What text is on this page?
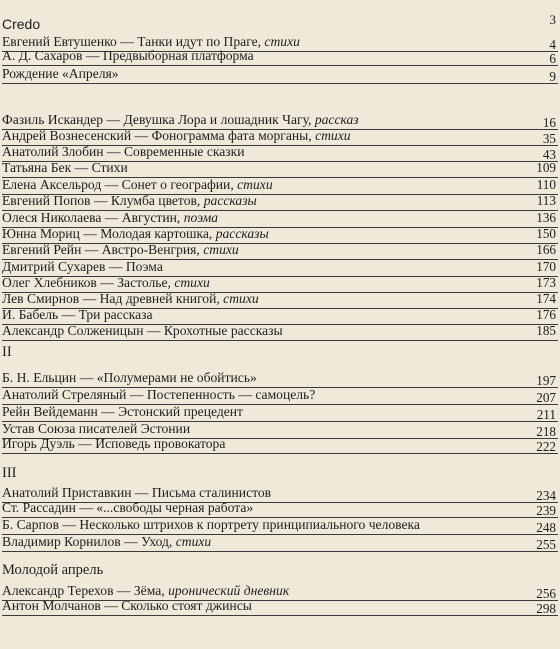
Credo	3
Евгений Евтушенко — Танки идут по Праге, стихи	4
А. Д. Сахаров — Предвыборная платформа	6
Рождение «Апреля»	9
Фазиль Искандер — Девушка Лора и лошадник Чагу, рассказ	16
Андрей Вознесенский — Фонограмма фата морганы, стихи	35
Анатолий Злобин — Современные сказки	43
Татьяна Бек — Стихи	109
Елена Аксельрод — Сонет о географии, стихи	110
Евгений Попов — Клумба цветов, рассказы	113
Олеся Николаева — Августин, поэма	136
Юнна Мориц — Молодая картошка, рассказы	150
Евгений Рейн — Австро-Венгрия, стихи	166
Дмитрий Сухарев — Поэма	170
Олег Хлебников — Застолье, стихи	173
Лев Смирнов — Над древней книгой, стихи	174
И. Бабель — Три рассказа	176
Александр Солженицын — Крохотные рассказы	185
II
Б. Н. Ельцин — «Полумерами не обойтись»	197
Анатолий Стреляный — Постепенность — самоцель?	207
Рейн Вейдеманн — Эстонский прецедент	211
Устав Союза писателей Эстонии	218
Игорь Дуэль — Исповедь провокатора	222
III
Анатолий Приставкин — Письма сталинистов	234
Ст. Рассадин — «...свободы черная работа»	239
Б. Сарпов — Несколько штрихов к портрету принципиального человека	248
Владимир Корнилов — Уход, стихи	255
Молодой апрель
Александр Терехов — Зёма, иронический дневник	256
Антон Молчанов — Сколько стоят джинсы	298
